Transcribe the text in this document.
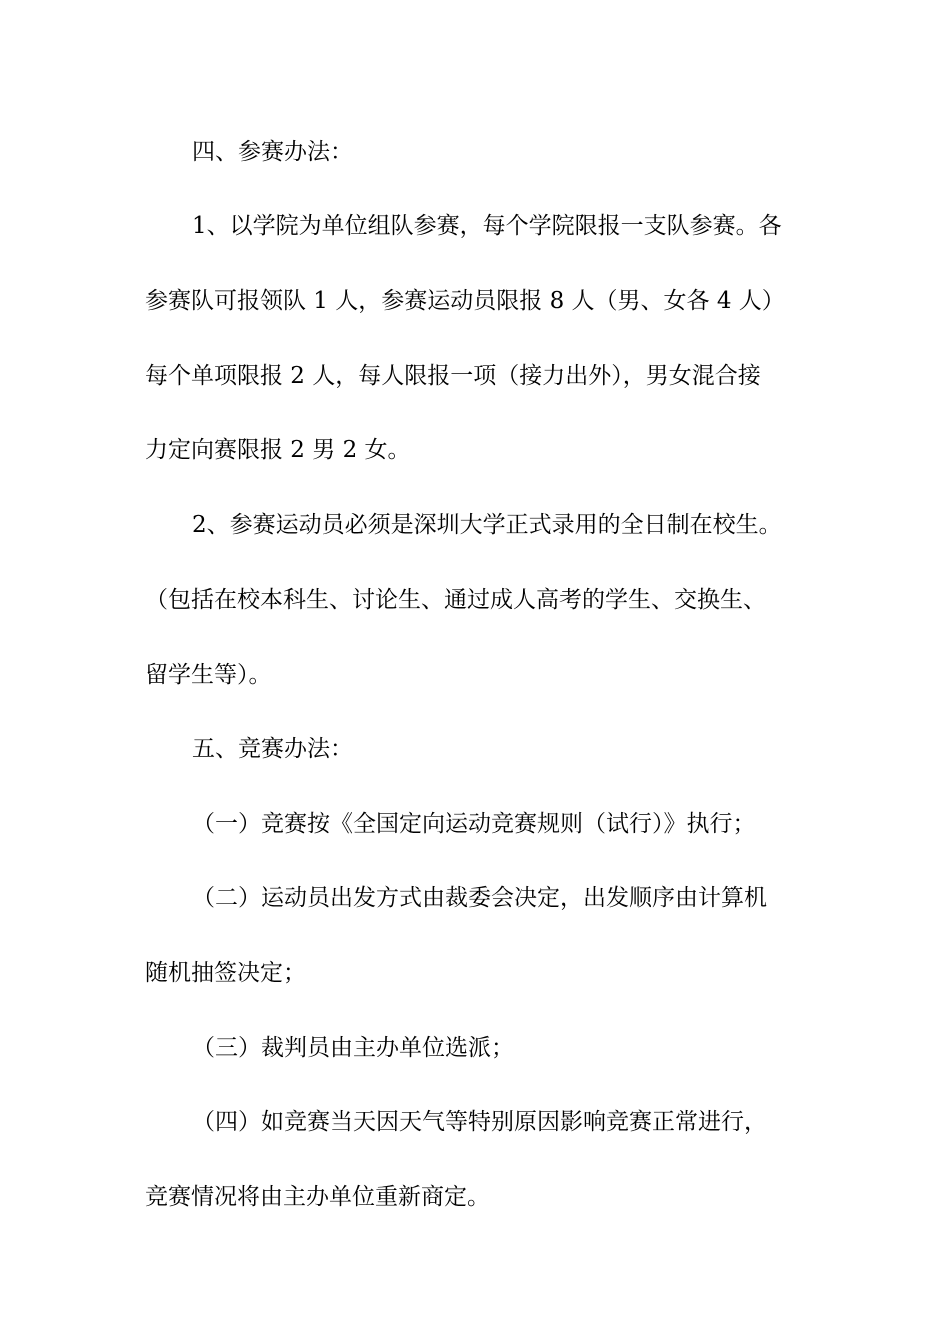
四、参赛办法：
1、以学院为单位组队参赛，每个学院限报一支队参赛。各
参赛队可报领队 1 人，参赛运动员限报 8 人（男、女各 4 人）
每个单项限报 2 人，每人限报一项（接力出外），男女混合接
力定向赛限报 2 男 2 女。
2、参赛运动员必须是深圳大学正式录用的全日制在校生。
（包括在校本科生、讨论生、通过成人高考的学生、交换生、
留学生等）。
五、竞赛办法：
（一）竞赛按《全国定向运动竞赛规则（试行）》执行；
（二）运动员出发方式由裁委会决定，出发顺序由计算机
随机抽签决定；
（三）裁判员由主办单位选派；
（四）如竞赛当天因天气等特别原因影响竞赛正常进行，
竞赛情况将由主办单位重新商定。
